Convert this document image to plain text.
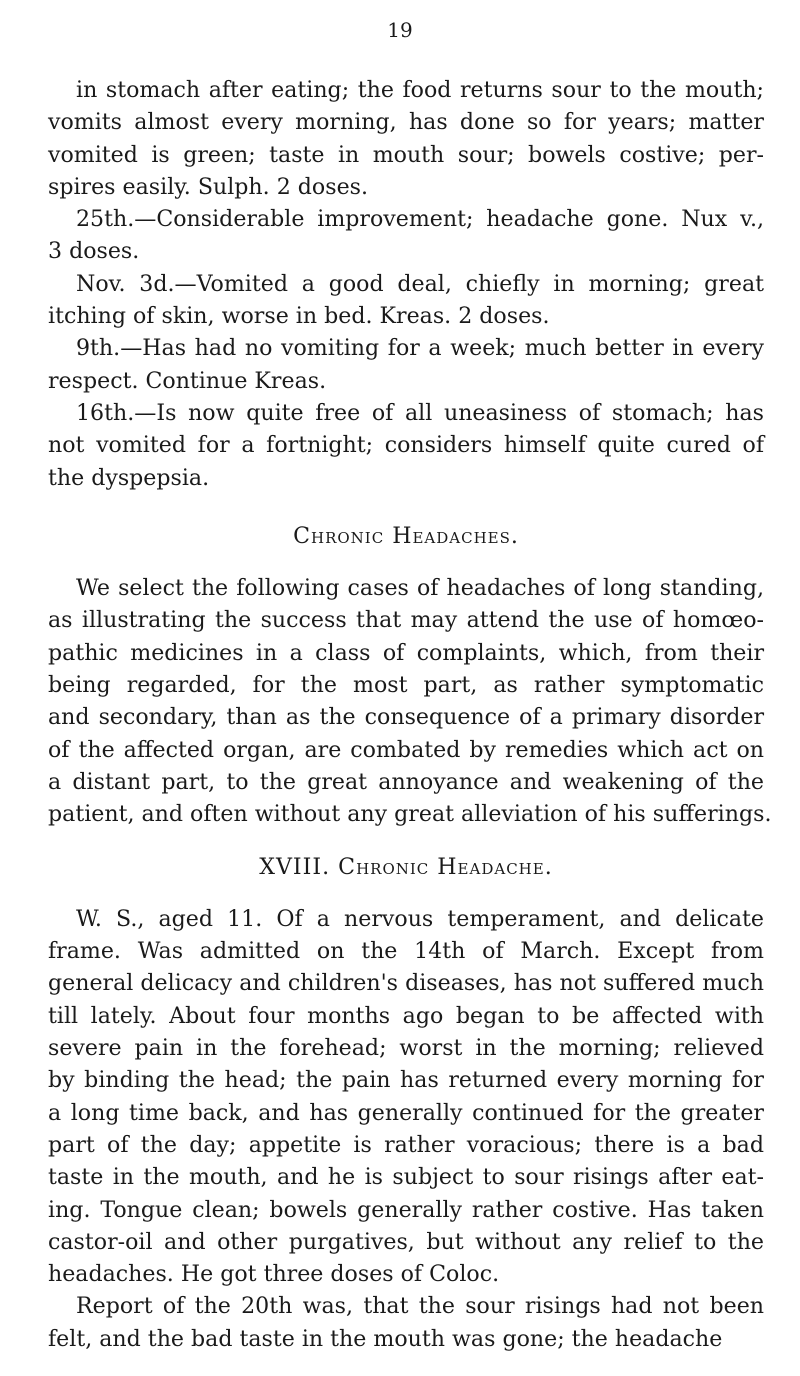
19
in stomach after eating; the food returns sour to the mouth;
vomits almost every morning, has done so for years; matter
vomited is green; taste in mouth sour; bowels costive; per-
spires easily. Sulph. 2 doses.
25th.—Considerable improvement; headache gone. Nux v.,
3 doses.
Nov. 3d.—Vomited a good deal, chiefly in morning; great
itching of skin, worse in bed. Kreas. 2 doses.
9th.—Has had no vomiting for a week; much better in every
respect. Continue Kreas.
16th.—Is now quite free of all uneasiness of stomach; has
not vomited for a fortnight; considers himself quite cured of
the dyspepsia.
Chronic Headaches.
We select the following cases of headaches of long standing,
as illustrating the success that may attend the use of homœo-
pathic medicines in a class of complaints, which, from their
being regarded, for the most part, as rather symptomatic
and secondary, than as the consequence of a primary disorder
of the affected organ, are combated by remedies which act on
a distant part, to the great annoyance and weakening of the
patient, and often without any great alleviation of his sufferings.
XVIII. Chronic Headache.
W. S., aged 11. Of a nervous temperament, and delicate
frame. Was admitted on the 14th of March. Except from
general delicacy and children's diseases, has not suffered much
till lately. About four months ago began to be affected with
severe pain in the forehead; worst in the morning; relieved
by binding the head; the pain has returned every morning for
a long time back, and has generally continued for the greater
part of the day; appetite is rather voracious; there is a bad
taste in the mouth, and he is subject to sour risings after eat-
ing. Tongue clean; bowels generally rather costive. Has taken
castor-oil and other purgatives, but without any relief to the
headaches. He got three doses of Coloc.
Report of the 20th was, that the sour risings had not been
felt, and the bad taste in the mouth was gone; the headache
